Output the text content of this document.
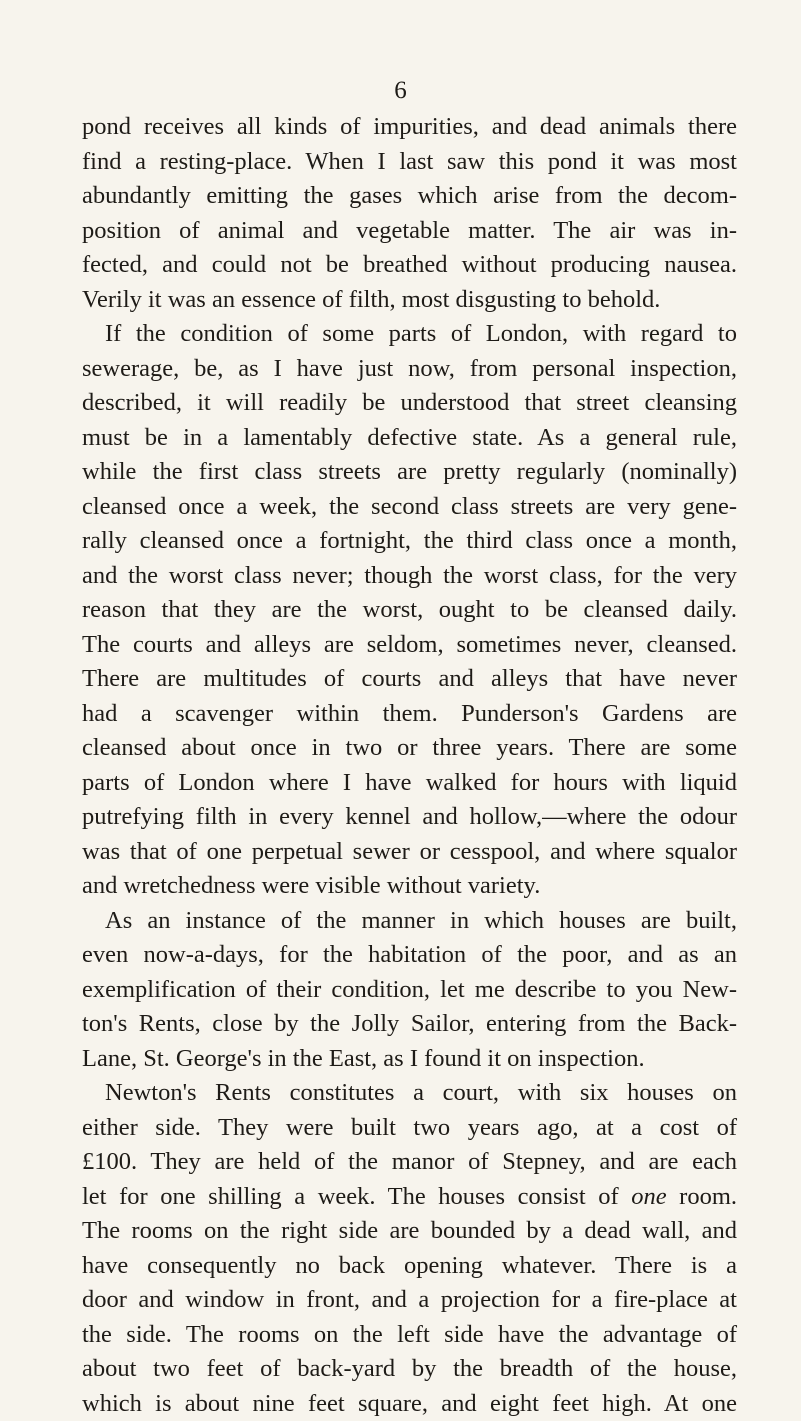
6
pond receives all kinds of impurities, and dead animals there
find a resting-place. When I last saw this pond it was most
abundantly emitting the gases which arise from the decom-
position of animal and vegetable matter. The air was in-
fected, and could not be breathed without producing nausea.
Verily it was an essence of filth, most disgusting to behold.
If the condition of some parts of London, with regard to
sewerage, be, as I have just now, from personal inspection,
described, it will readily be understood that street cleansing
must be in a lamentably defective state. As a general rule,
while the first class streets are pretty regularly (nominally)
cleansed once a week, the second class streets are very gene-
rally cleansed once a fortnight, the third class once a month,
and the worst class never; though the worst class, for the very
reason that they are the worst, ought to be cleansed daily.
The courts and alleys are seldom, sometimes never, cleansed.
There are multitudes of courts and alleys that have never
had a scavenger within them. Punderson's Gardens are
cleansed about once in two or three years. There are some
parts of London where I have walked for hours with liquid
putrefying filth in every kennel and hollow,—where the odour
was that of one perpetual sewer or cesspool, and where squalor
and wretchedness were visible without variety.
As an instance of the manner in which houses are built,
even now-a-days, for the habitation of the poor, and as an
exemplification of their condition, let me describe to you New-
ton's Rents, close by the Jolly Sailor, entering from the Back-
Lane, St. George's in the East, as I found it on inspection.
Newton's Rents constitutes a court, with six houses on
either side. They were built two years ago, at a cost of
£100. They are held of the manor of Stepney, and are each
let for one shilling a week. The houses consist of one room.
The rooms on the right side are bounded by a dead wall, and
have consequently no back opening whatever. There is a
door and window in front, and a projection for a fire-place at
the side. The rooms on the left side have the advantage of
about two feet of back-yard by the breadth of the house,
which is about nine feet square, and eight feet high. At one
